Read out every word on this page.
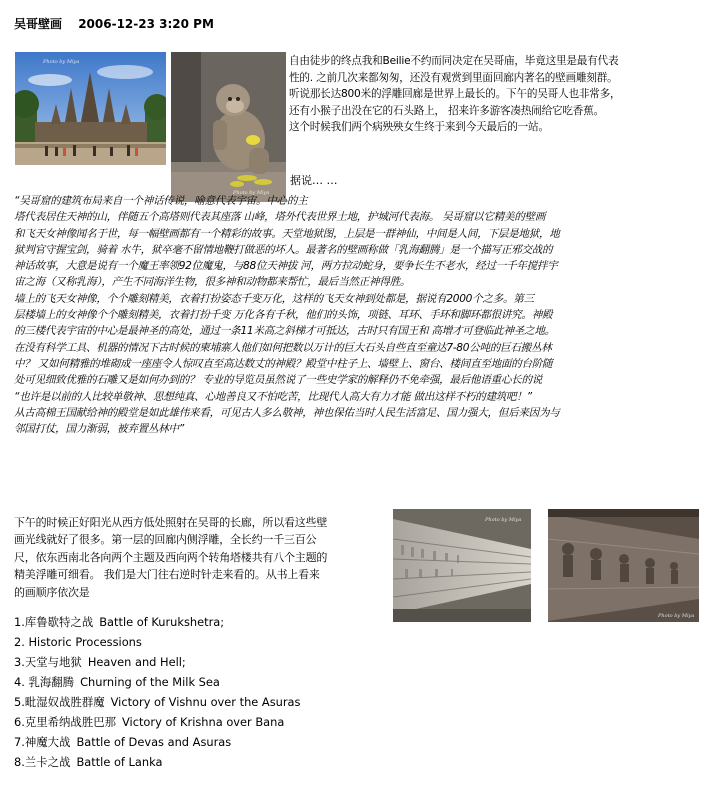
吴哥壁画 2006-12-23 3:20 PM
Photo by Miya
Photo by Miya

自由徒步的终点我和Beilie不约而同决定在吴哥庙，毕竟这里是最有代表

性的. 之前几次来都匆匆，还没有观赏到里面回廊内著名的壁画雕刻群。

听说那长达800米的浮雕回廊是世界上最长的。下午的吴哥人也非常多，

还有小猴子出没在它的石头路上， 招来许多游客凑热闹给它吃香蕉。

这个时候我们两个病殃殃女生终于来到今天最后的一站。

据说… …

“吴哥窟的建筑布局来自一个神话传说，喻意代表宇宙。中心的主

塔代表居住天神的山，伴随五个高塔则代表其座落 山峰，塔外代表世界土地，护城河代表海。 吴哥窟以它精美的壁画

和飞天女神像闻名于世，每一幅壁画都有一个精彩的故事。天堂地狱图，上层是一群神仙，中间是人间，下层是地狱，地

狱判官守握宝剑，骑着 水牛，狱卒毫不留情地鞭打做恶的坏人。最著名的壁画称做「乳海翻腾」是一个描写正邪交战的

神话故事，大意是说有一个魔王率领92位魔鬼，与88位天神拔 河，两方拉动蛇身，要争长生不老水，经过一千年搅拌宇

宙之海（又称乳海），产生不同海洋生物，很多神和动物都来帮忙，最后当然正神得胜。

墙上的飞天女神像，个个雕刻精美，衣着打扮姿态千变万化，这样的飞天女神到处都是，据说有2000个之多。第三

层楼墙上的女神像个个雕刻精美，衣着打扮千变 万化各有千秋，他们的头饰，项链、耳环、手环和脚环都很讲究。神殿

的三楼代表宇宙的中心是最神圣的高处，通过一条11米高之斜梯才可抵达，古时只有国王和 高增才可登临此神圣之地。

在没有科学工具、机器的情况下古时候的柬埔寨人他们如何把数以万计的巨大石头自些直至童达7-80公吨的巨石搬丛林

中？ 又如何精雅的堆砌成一座座令人惊叹直至高达数丈的神殿？殿堂中柱子上、墙壁上、窗台、楼间直至地面的台阶随

处可见细致优雅的石雕又是如何办到的？ 专业的导览员虽然说了一些史学家的解释仍不免牵强，最后他语重心长的说

“也许是以前的人比较单敬神、思想纯真、心地善良又不怕吃苦，比现代人高大有力才能 做出这样不朽的建筑吧！”

从古高棉王国献给神的殿堂是如此雄伟来看，可见古人多么敬神，神也保佑当时人民生活富足、国力强大，但后来因为与

邻国打仗，国力渐弱，被弃置丛林中”

下午的时候正好阳光从西方低处照射在吴哥的长廊，所以看这些壁

画光线就好了很多。第一层的回廊内侧浮雕，全长约一千三百公

尺，依东西南北各向两个主题及西向两个转角塔楼共有八个主题的

精美浮雕可细看。 我们是大门往右逆时针走来看的。从书上看来

的画顺序依次是

Photo by Miya
Photo by Miya
1.库鲁歇特之战 Battle of Kurukshetra;
2. Historic Processions
3.天堂与地狱 Heaven and Hell;
4. 乳海翻腾 Churning of the Milk Sea
5.毗湿奴战胜群魔 Victory of Vishnu over the Asuras
6.克里希纳战胜巴那 Victory of Krishna over Bana
7.神魔大战 Battle of Devas and Asuras
8.兰卡之战 Battle of Lanka
